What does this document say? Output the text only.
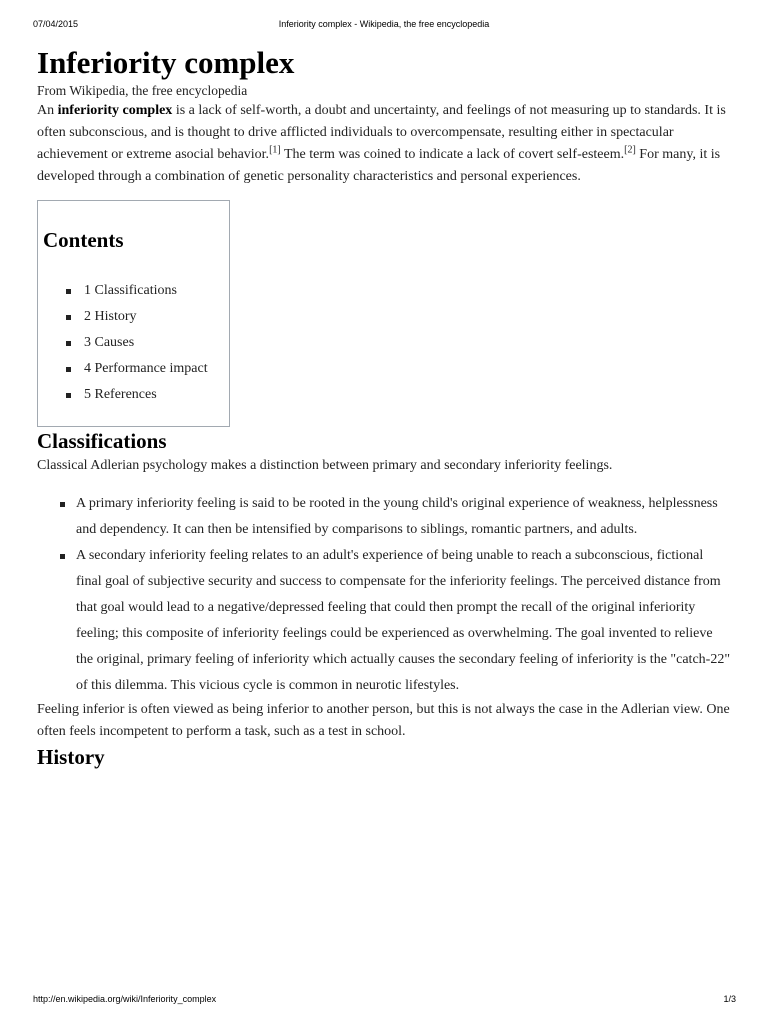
07/04/2015	Inferiority complex - Wikipedia, the free encyclopedia
Inferiority complex
From Wikipedia, the free encyclopedia

An inferiority complex is a lack of self-worth, a doubt and uncertainty, and feelings of not measuring up to standards. It is often subconscious, and is thought to drive afflicted individuals to overcompensate, resulting either in spectacular achievement or extreme asocial behavior.[1] The term was coined to indicate a lack of covert self-esteem.[2] For many, it is developed through a combination of genetic personality characteristics and personal experiences.

Contents
1 Classifications
2 History
3 Causes
4 Performance impact
5 References
Classifications

Classical Adlerian psychology makes a distinction between primary and secondary inferiority feelings.

A primary inferiority feeling is said to be rooted in the young child's original experience of weakness, helplessness and dependency. It can then be intensified by comparisons to siblings, romantic partners, and adults.
A secondary inferiority feeling relates to an adult's experience of being unable to reach a subconscious, fictional final goal of subjective security and success to compensate for the inferiority feelings. The perceived distance from that goal would lead to a negative/depressed feeling that could then prompt the recall of the original inferiority feeling; this composite of inferiority feelings could be experienced as overwhelming. The goal invented to relieve the original, primary feeling of inferiority which actually causes the secondary feeling of inferiority is the "catch-22" of this dilemma. This vicious cycle is common in neurotic lifestyles.

Feeling inferior is often viewed as being inferior to another person, but this is not always the case in the Adlerian view. One often feels incompetent to perform a task, such as a test in school.

History
http://en.wikipedia.org/wiki/Inferiority_complex	1/3
